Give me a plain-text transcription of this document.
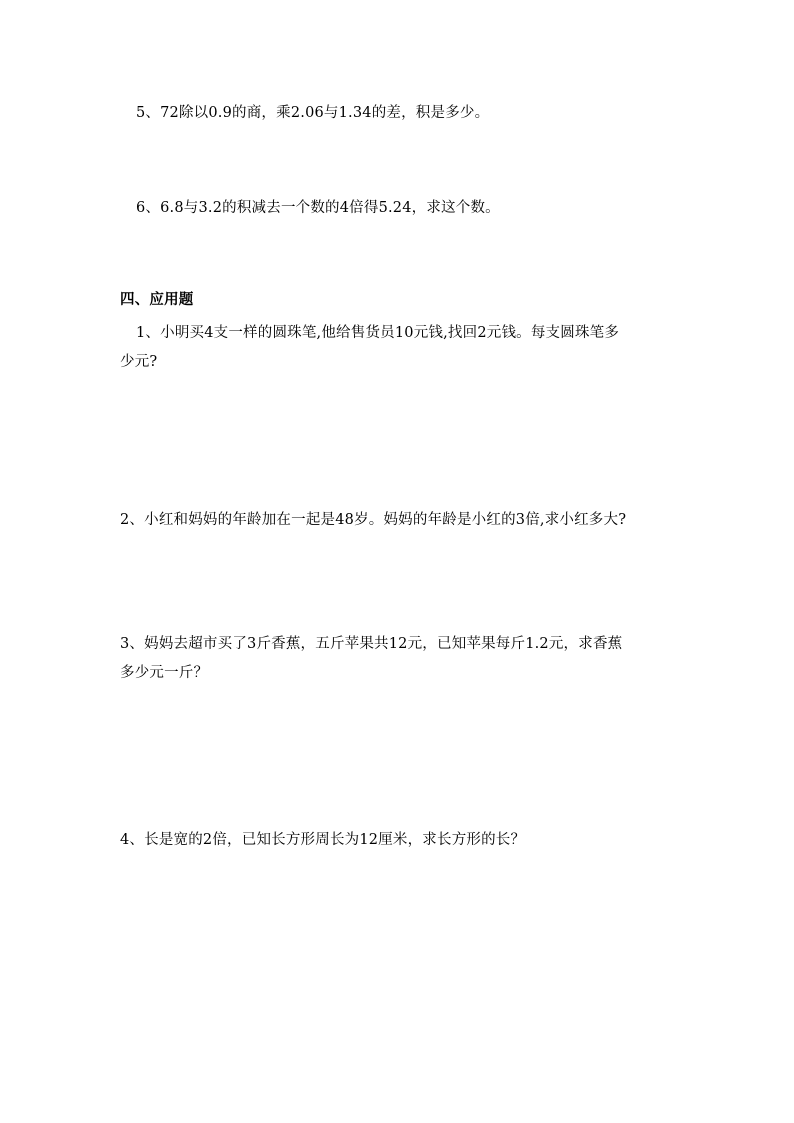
5、72除以0.9的商，乘2.06与1.34的差，积是多少。
6、6.8与3.2的积减去一个数的4倍得5.24，求这个数。
四、应用题
1、小明买4支一样的圆珠笔,他给售货员10元钱,找回2元钱。每支圆珠笔多
少元?
2、小红和妈妈的年龄加在一起是48岁。妈妈的年龄是小红的3倍,求小红多大?
3、妈妈去超市买了3斤香蕉，五斤苹果共12元，已知苹果每斤1.2元，求香蕉
多少元一斤？
4、长是宽的2倍，已知长方形周长为12厘米，求长方形的长？
